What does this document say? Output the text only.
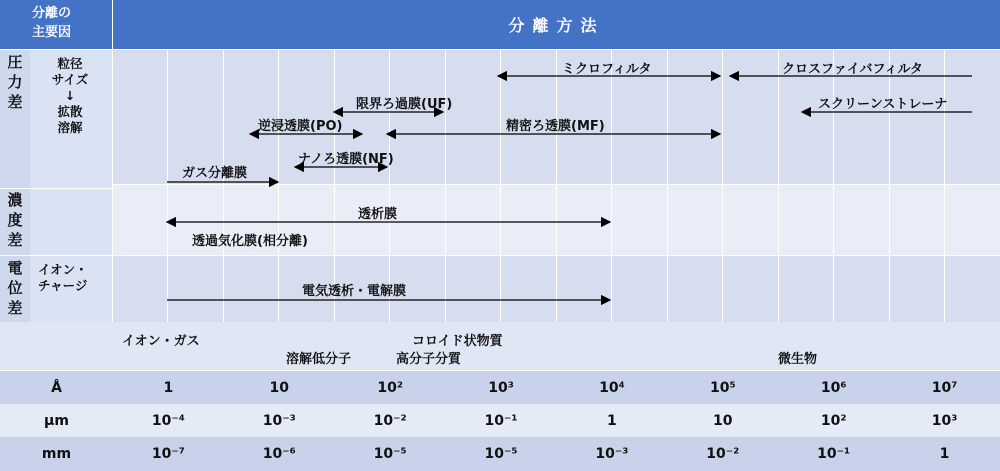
分離の
主要因	分離方法
圧
力
差
粒径
サイズ
↓
拡散
溶解
濃
度
差
電
位
差
イオン・
チャージ
ミクロフィルタ	クロスファイバフィルタ
スクリーンストレーナ
限界ろ過膜(UF)
精密ろ透膜(MF)
逆浸透膜(PO)
ナノろ透膜(NF)
ガス分離膜
透析膜
透過気化膜(相分離)
電気透析・電解膜
イオン・ガス
溶解低分子
コロイド状物質
高分子分質	微生物
Å	1	10	10²	10³	10⁴	10⁵	10⁶	10⁷
μm	10⁻⁴	10⁻³	10⁻²	10⁻¹	1	10	10²	10³
mm	10⁻⁷	10⁻⁶	10⁻⁵	10⁻⁵	10⁻³	10⁻²	10⁻¹	1
